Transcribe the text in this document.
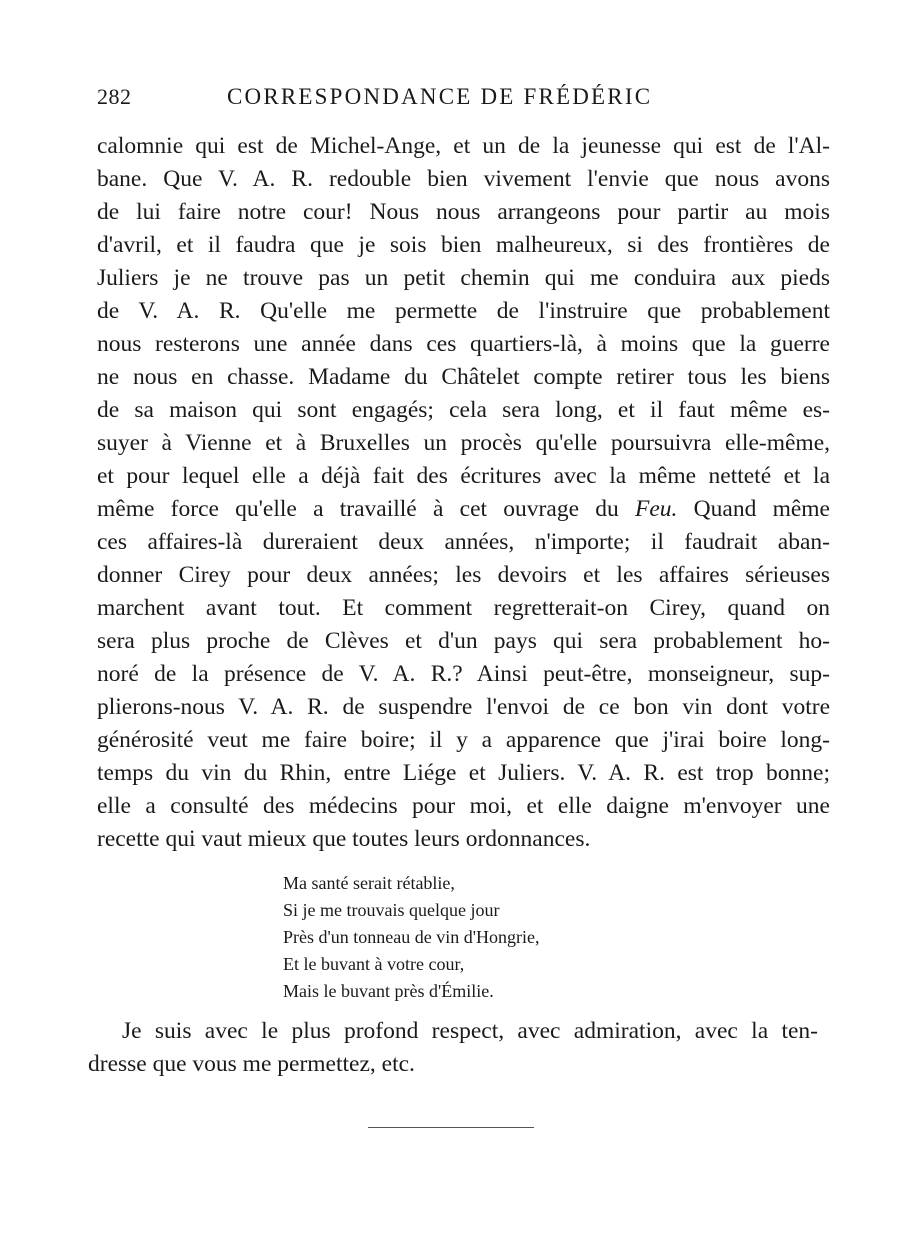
282	CORRESPONDANCE DE FRÉDÉRIC
calomnie qui est de Michel-Ange, et un de la jeunesse qui est de l'Al-
bane. Que V. A. R. redouble bien vivement l'envie que nous avons
de lui faire notre cour! Nous nous arrangeons pour partir au mois
d'avril, et il faudra que je sois bien malheureux, si des frontières de
Juliers je ne trouve pas un petit chemin qui me conduira aux pieds
de V. A. R. Qu'elle me permette de l'instruire que probablement
nous resterons une année dans ces quartiers-là, à moins que la guerre
ne nous en chasse. Madame du Châtelet compte retirer tous les biens
de sa maison qui sont engagés; cela sera long, et il faut même es-
suyer à Vienne et à Bruxelles un procès qu'elle poursuivra elle-même,
et pour lequel elle a déjà fait des écritures avec la même netteté et la
même force qu'elle a travaillé à cet ouvrage du Feu. Quand même
ces affaires-là dureraient deux années, n'importe; il faudrait aban-
donner Cirey pour deux années; les devoirs et les affaires sérieuses
marchent avant tout. Et comment regretterait-on Cirey, quand on
sera plus proche de Clèves et d'un pays qui sera probablement ho-
noré de la présence de V. A. R.? Ainsi peut-être, monseigneur, sup-
plierons-nous V. A. R. de suspendre l'envoi de ce bon vin dont votre
générosité veut me faire boire; il y a apparence que j'irai boire long-
temps du vin du Rhin, entre Liége et Juliers. V. A. R. est trop bonne;
elle a consulté des médecins pour moi, et elle daigne m'envoyer une
recette qui vaut mieux que toutes leurs ordonnances.
Ma santé serait rétablie,
Si je me trouvais quelque jour
Près d'un tonneau de vin d'Hongrie,
Et le buvant à votre cour,
Mais le buvant près d'Émilie.
Je suis avec le plus profond respect, avec admiration, avec la ten-
dresse que vous me permettez, etc.
